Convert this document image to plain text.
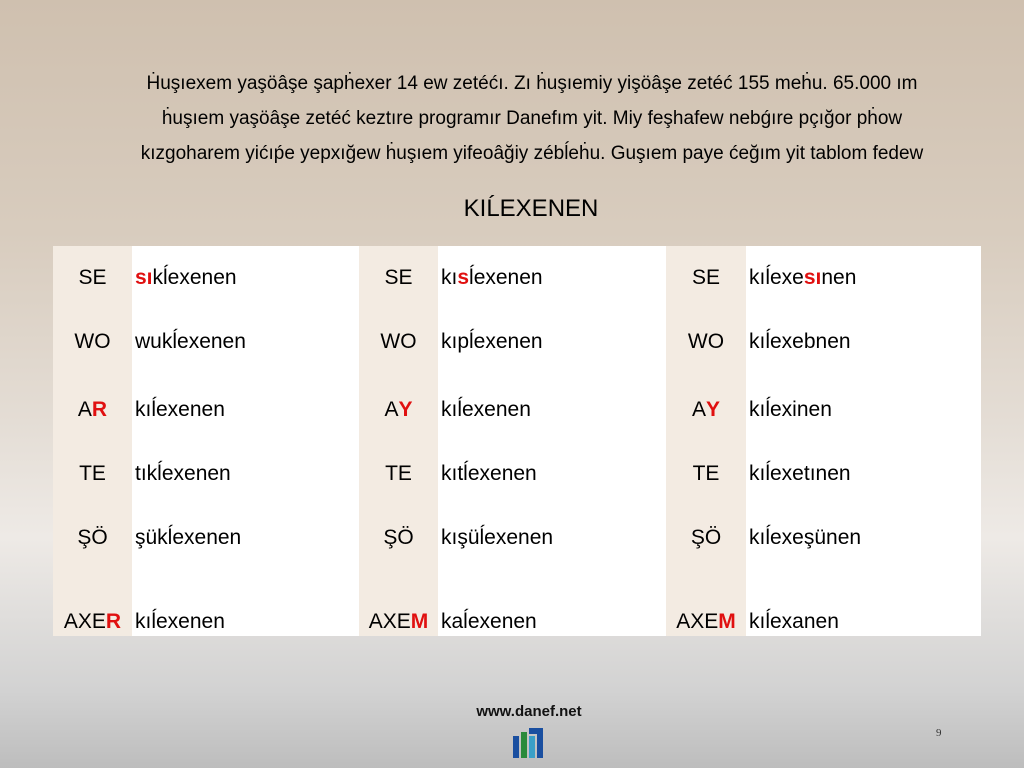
Ḣuşıexem yaşöâşe şapḣexer 14 ew zetéćı. Zı ḣuşıemiy yişöâşe zetéć 155 meḣu. 65.000 ım
ḣuşıem yaşöâşe zetéć keztıre programır Danefım yit. Miy feşhafew nebǵıre pçığor pḣow
kızgoharem yićıṕe yepxığew ḣuşıem yifeoâğiy zébĺeḣu. Guşıem paye ćeğım yit tablom fedew
KIĹEXENEN
SE
WO
A R
TE
ŞÖ
AXE R
sı kĺexenen
wukĺexenen
kıĺexenen
tıkĺexenen
şükĺexenen
kıĺexenen
SE
WO
A Y
TE
ŞÖ
AXE M
kı s ĺexenen
kıpĺexenen
kıĺexenen
kıtĺexenen
kışüĺexenen
kaĺexenen
SE
WO
A Y
TE
ŞÖ
AXE M
kıĺexe sı nen
kıĺexebnen
kıĺexinen
kıĺexetınen
kıĺexeşünen
kıĺexanen
www.danef.net
9
